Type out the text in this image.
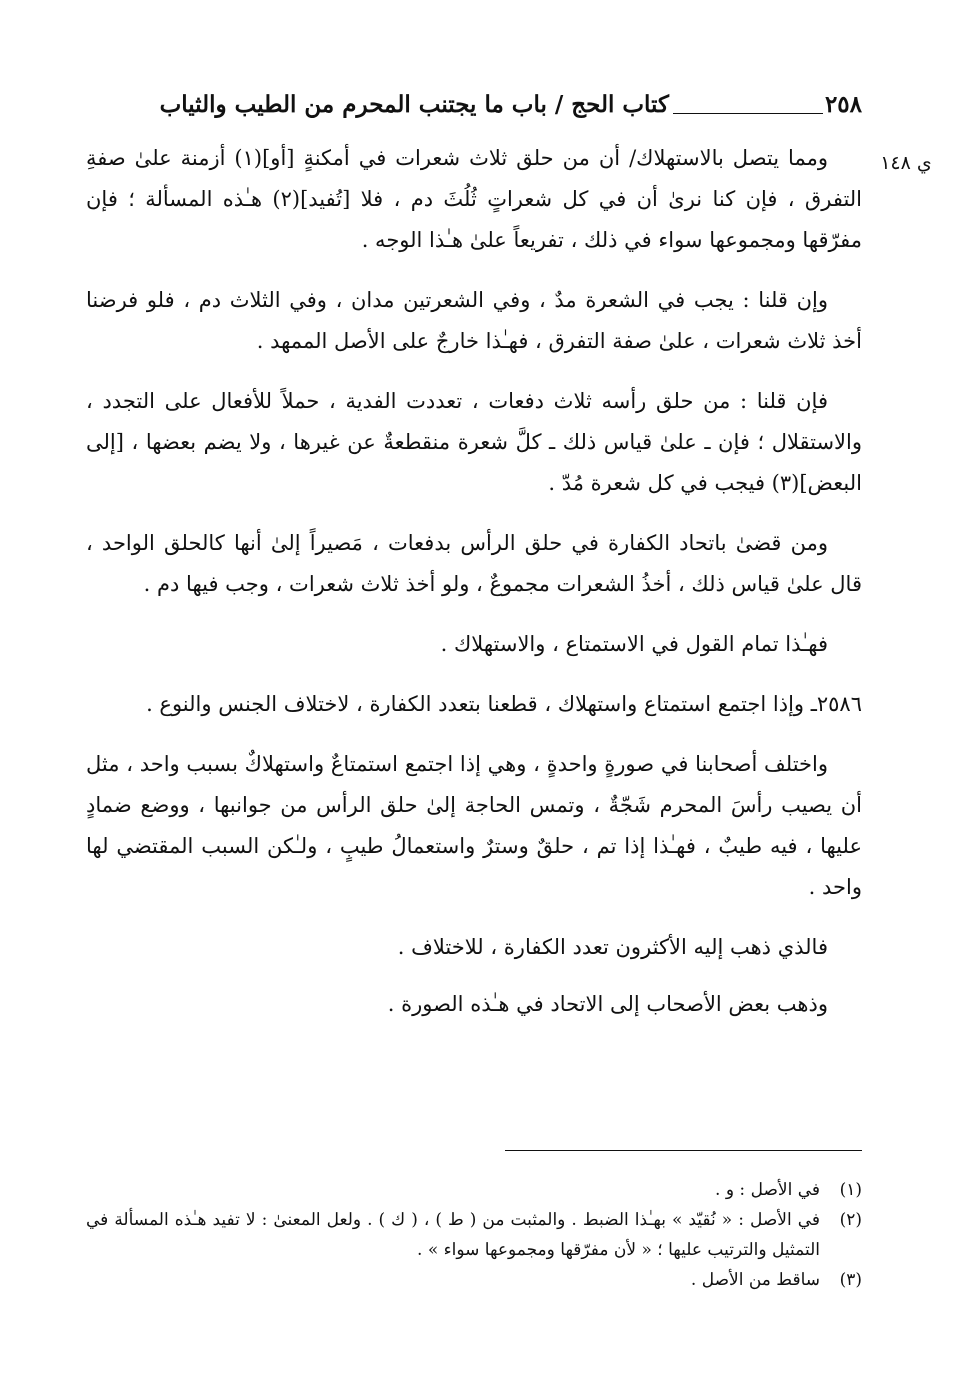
٢٥٨
كتاب الحج / باب ما يجتنب المحرم من الطيب والثياب
ي ١٤٨

ومما يتصل بالاستهلاك/ أن من حلق ثلاث شعرات في أمكنةٍ [أو](١) أزمنة علىٰ صفةِ التفرق ، فإن كنا نرىٰ أن في كل شعراتٍ ثُلُثَ دم ، فلا [تُفيد](٢) هـٰذه المسألة ؛ فإن مفرّقها ومجموعها سواء في ذلك ، تفريعاً علىٰ هـٰذا الوجه .

وإن قلنا : يجب في الشعرة مدٌ ، وفي الشعرتين مدان ، وفي الثلاث دم ، فلو فرضنا أخذ ثلاث شعرات ، علىٰ صفة التفرق ، فهـٰذا خارجٌ على الأصل الممهد .

فإن قلنا : من حلق رأسه ثلاث دفعات ، تعددت الفدية ، حملاً للأفعال على التجدد ، والاستقلال ؛ فإن ـ علىٰ قياس ذلك ـ كلَّ شعرة منقطعةٌ عن غيرها ، ولا يضم بعضها ، [إلى البعض](٣) فيجب في كل شعرة مُدّ .

ومن قضىٰ باتحاد الكفارة في حلق الرأس بدفعات ، مَصيراً إلىٰ أنها كالحلق الواحد ، قال علىٰ قياس ذلك ، أخذُ الشعرات مجموعٌ ، ولو أخذ ثلاث شعرات ، وجب فيها دم .

فهـٰذا تمام القول في الاستمتاع ، والاستهلاك .

٢٥٨٦ـ وإذا اجتمع استمتاع واستهلاك ، قطعنا بتعدد الكفارة ، لاختلاف الجنس والنوع .

واختلف أصحابنا في صورةٍ واحدةٍ ، وهي إذا اجتمع استمتاعٌ واستهلاكٌ بسبب واحد ، مثل أن يصيب رأسَ المحرم شَجّةٌ ، وتمس الحاجة إلىٰ حلق الرأس من جوانبها ، ووضع ضمادٍ عليها ، فيه طيبٌ ، فهـٰذا إذا تم ، حلقٌ وسترٌ واستعمالُ طيبٍ ، ولـٰكن السبب المقتضي لها واحد .

فالذي ذهب إليه الأكثرون تعدد الكفارة ، للاختلاف .

وذهب بعض الأصحاب إلى الاتحاد في هـٰذه الصورة .

(١)
في الأصل : و .
(٢)
في الأصل : « نُقيّد » بهـٰذا الضبط . والمثبت من ( ط ) ، ( ك ) . ولعل المعنىٰ : لا تفيد هـٰذه المسألة في التمثيل والترتيب عليها ؛ « لأن مفرّقها ومجموعها سواء » .
(٣)
ساقط من الأصل .
